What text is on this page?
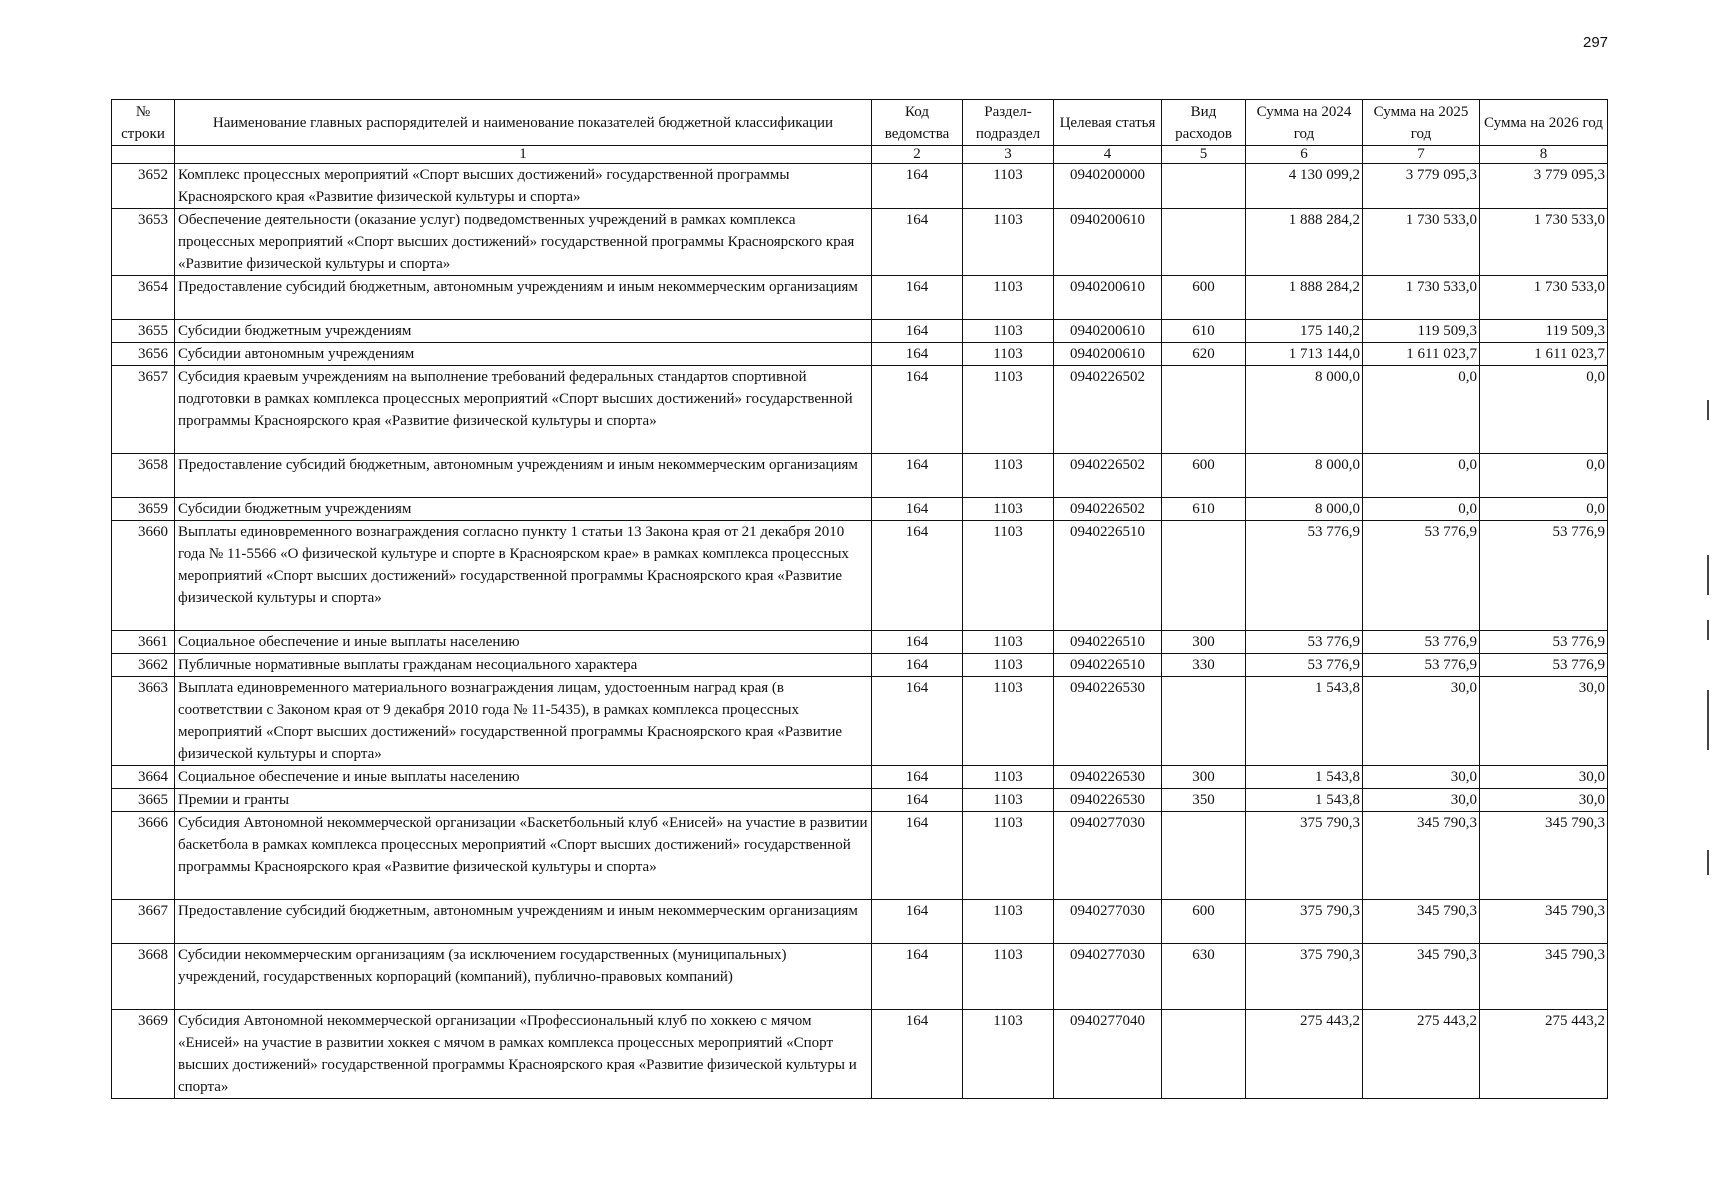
297
№ строки	Наименование главных распорядителей и наименование показателей бюджетной классификации	Код ведомства	Раздел-подраздел	Целевая статья	Вид расходов	Сумма на 2024 год	Сумма на 2025 год	Сумма на 2026 год
	1	2	3	4	5	6	7	8
3652	Комплекс процессных мероприятий «Спорт высших достижений» государственной программы Красноярского края «Развитие физической культуры и спорта»	164	1103	0940200000		4 130 099,2	3 779 095,3	3 779 095,3
3653	Обеспечение деятельности (оказание услуг) подведомственных учреждений в рамках комплекса процессных мероприятий «Спорт высших достижений» государственной программы Красноярского края «Развитие физической культуры и спорта»	164	1103	0940200610		1 888 284,2	1 730 533,0	1 730 533,0
3654	Предоставление субсидий бюджетным, автономным учреждениям и иным некоммерческим организациям	164	1103	0940200610	600	1 888 284,2	1 730 533,0	1 730 533,0
3655	Субсидии бюджетным учреждениям	164	1103	0940200610	610	175 140,2	119 509,3	119 509,3
3656	Субсидии автономным учреждениям	164	1103	0940200610	620	1 713 144,0	1 611 023,7	1 611 023,7
3657	Субсидия краевым учреждениям на выполнение требований федеральных стандартов спортивной подготовки в рамках комплекса процессных мероприятий «Спорт высших достижений» государственной программы Красноярского края «Развитие физической культуры и спорта»	164	1103	0940226502		8 000,0	0,0	0,0
3658	Предоставление субсидий бюджетным, автономным учреждениям и иным некоммерческим организациям	164	1103	0940226502	600	8 000,0	0,0	0,0
3659	Субсидии бюджетным учреждениям	164	1103	0940226502	610	8 000,0	0,0	0,0
3660	Выплаты единовременного вознаграждения согласно пункту 1 статьи 13 Закона края от 21 декабря 2010 года № 11-5566 «О физической культуре и спорте в Красноярском крае» в рамках комплекса процессных мероприятий «Спорт высших достижений» государственной программы Красноярского края «Развитие физической культуры и спорта»	164	1103	0940226510		53 776,9	53 776,9	53 776,9
3661	Социальное обеспечение и иные выплаты населению	164	1103	0940226510	300	53 776,9	53 776,9	53 776,9
3662	Публичные нормативные выплаты гражданам несоциального характера	164	1103	0940226510	330	53 776,9	53 776,9	53 776,9
3663	Выплата единовременного материального вознаграждения лицам, удостоенным наград края (в соответствии с Законом края от 9 декабря 2010 года № 11-5435), в рамках комплекса процессных мероприятий «Спорт высших достижений» государственной программы Красноярского края «Развитие физической культуры и спорта»	164	1103	0940226530		1 543,8	30,0	30,0
3664	Социальное обеспечение и иные выплаты населению	164	1103	0940226530	300	1 543,8	30,0	30,0
3665	Премии и гранты	164	1103	0940226530	350	1 543,8	30,0	30,0
3666	Субсидия Автономной некоммерческой организации «Баскетбольный клуб «Енисей» на участие в развитии баскетбола в рамках комплекса процессных мероприятий «Спорт высших достижений» государственной программы Красноярского края «Развитие физической культуры и спорта»	164	1103	0940277030		375 790,3	345 790,3	345 790,3
3667	Предоставление субсидий бюджетным, автономным учреждениям и иным некоммерческим организациям	164	1103	0940277030	600	375 790,3	345 790,3	345 790,3
3668	Субсидии некоммерческим организациям (за исключением государственных (муниципальных) учреждений, государственных корпораций (компаний), публично-правовых компаний)	164	1103	0940277030	630	375 790,3	345 790,3	345 790,3
3669	Субсидия Автономной некоммерческой организации «Профессиональный клуб по хоккею с мячом «Енисей» на участие в развитии хоккея с мячом в рамках комплекса процессных мероприятий «Спорт высших достижений» государственной программы Красноярского края «Развитие физической культуры и спорта»	164	1103	0940277040		275 443,2	275 443,2	275 443,2
